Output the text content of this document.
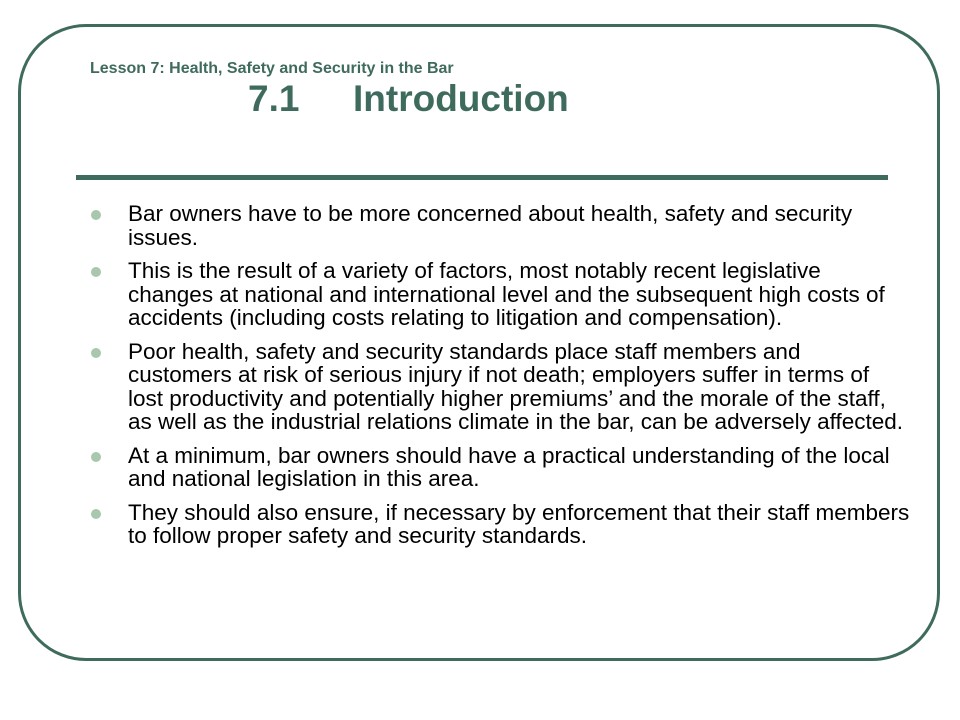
Lesson 7: Health, Safety and Security in the Bar
7.1 Introduction
Bar owners have to be more concerned about health, safety and security issues.
This is the result of a variety of factors, most notably recent legislative changes at national and international level and the subsequent high costs of accidents (including costs relating to litigation and compensation).
Poor health, safety and security standards place staff members and customers at risk of serious injury if not death; employers suffer in terms of lost productivity and potentially higher premiums’ and the morale of the staff, as well as the industrial relations climate in the bar, can be adversely affected.
At a minimum, bar owners should have a practical understanding of the local and national legislation in this area.
They should also ensure, if necessary by enforcement that their staff members to follow proper safety and security standards.
